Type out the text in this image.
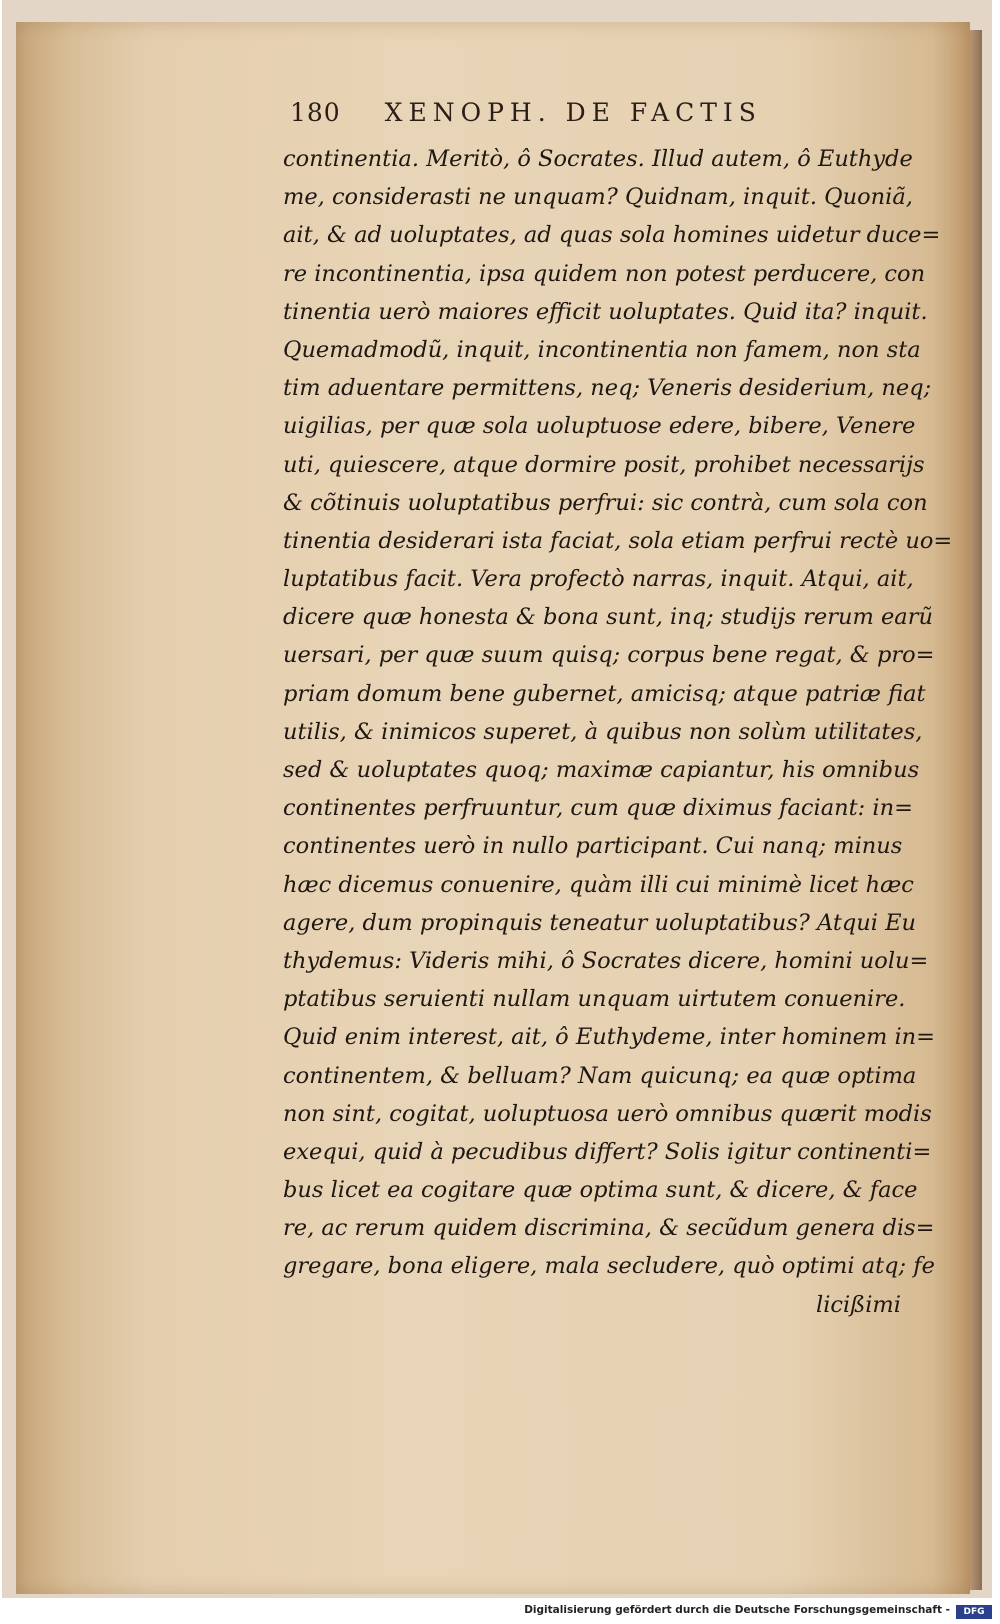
180 XENOPH. DE FACTIS
continentia. Meritò, ô Socrates. Illud autem, ô Euthyde
me, considerasti ne unquam? Quidnam, inquit. Quoniã,
ait, & ad uoluptates, ad quas sola homines uidetur duce=
re incontinentia, ipsa quidem non potest perducere, con
tinentia uerò maiores efficit uoluptates. Quid ita? inquit.
Quemadmodũ, inquit, incontinentia non famem, non sta
tim aduentare permittens, neq; Veneris desiderium, neq;
uigilias, per quæ sola uoluptuose edere, bibere, Venere
uti, quiescere, atque dormire posit, prohibet necessarijs
& cõtinuis uoluptatibus perfrui: sic contrà, cum sola con
tinentia desiderari ista faciat, sola etiam perfrui rectè uo=
luptatibus facit. Vera profectò narras, inquit. Atqui, ait,
dicere quæ honesta & bona sunt, inq; studijs rerum earũ
uersari, per quæ suum quisq; corpus bene regat, & pro=
priam domum bene gubernet, amicisq; atque patriæ fiat
utilis, & inimicos superet, à quibus non solùm utilitates,
sed & uoluptates quoq; maximæ capiantur, his omnibus
continentes perfruuntur, cum quæ diximus faciant: in=
continentes uerò in nullo participant. Cui nanq; minus
hæc dicemus conuenire, quàm illi cui minimè licet hæc
agere, dum propinquis teneatur uoluptatibus? Atqui Eu
thydemus: Videris mihi, ô Socrates dicere, homini uolu=
ptatibus seruienti nullam unquam uirtutem conuenire.
Quid enim interest, ait, ô Euthydeme, inter hominem in=
continentem, & belluam? Nam quicunq; ea quæ optima
non sint, cogitat, uoluptuosa uerò omnibus quærit modis
exequi, quid à pecudibus differt? Solis igitur continenti=
bus licet ea cogitare quæ optima sunt, & dicere, & face
re, ac rerum quidem discrimina, & secũdum genera dis=
gregare, bona eligere, mala secludere, quò optimi atq; fe
licißimi
Digitalisierung gefördert durch die Deutsche Forschungsgemeinschaft -	DFG
